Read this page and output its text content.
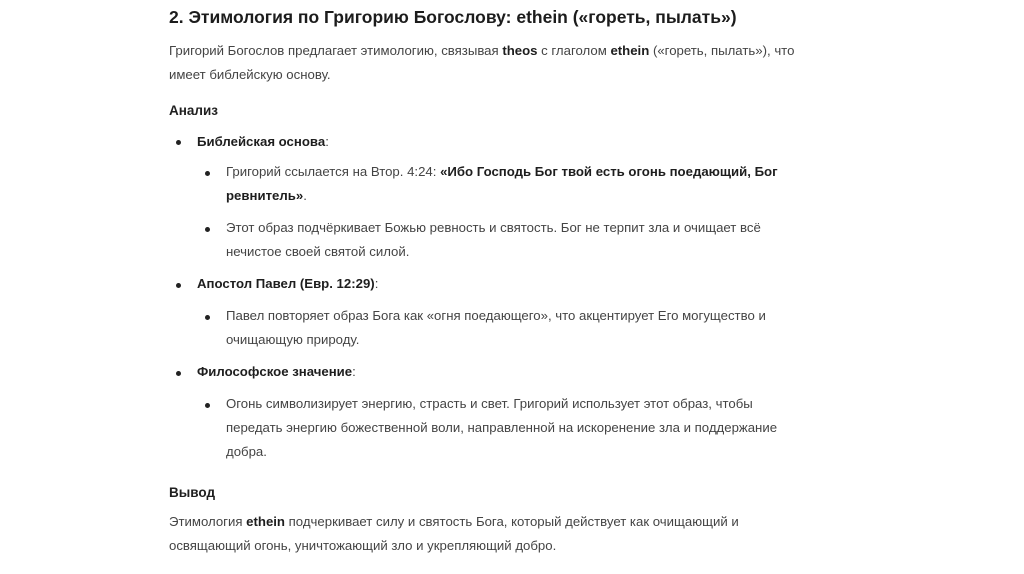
2. Этимология по Григорию Богослову: ethein («гореть, пылать»)

Григорий Богослов предлагает этимологию, связывая theos с глаголом ethein («гореть, пылать»), что имеет библейскую основу.

Анализ

Библейская основа:

Григорий ссылается на Втор. 4:24: «Ибо Господь Бог твой есть огонь поедающий, Бог ревнитель».

Этот образ подчёркивает Божью ревность и святость. Бог не терпит зла и очищает всё нечистое своей святой силой.

Апостол Павел (Евр. 12:29):

Павел повторяет образ Бога как «огня поедающего», что акцентирует Его могущество и очищающую природу.

Философское значение:

Огонь символизирует энергию, страсть и свет. Григорий использует этот образ, чтобы передать энергию божественной воли, направленной на искоренение зла и поддержание добра.

Вывод

Этимология ethein подчеркивает силу и святость Бога, который действует как очищающий и освящающий огонь, уничтожающий зло и укрепляющий добро.
